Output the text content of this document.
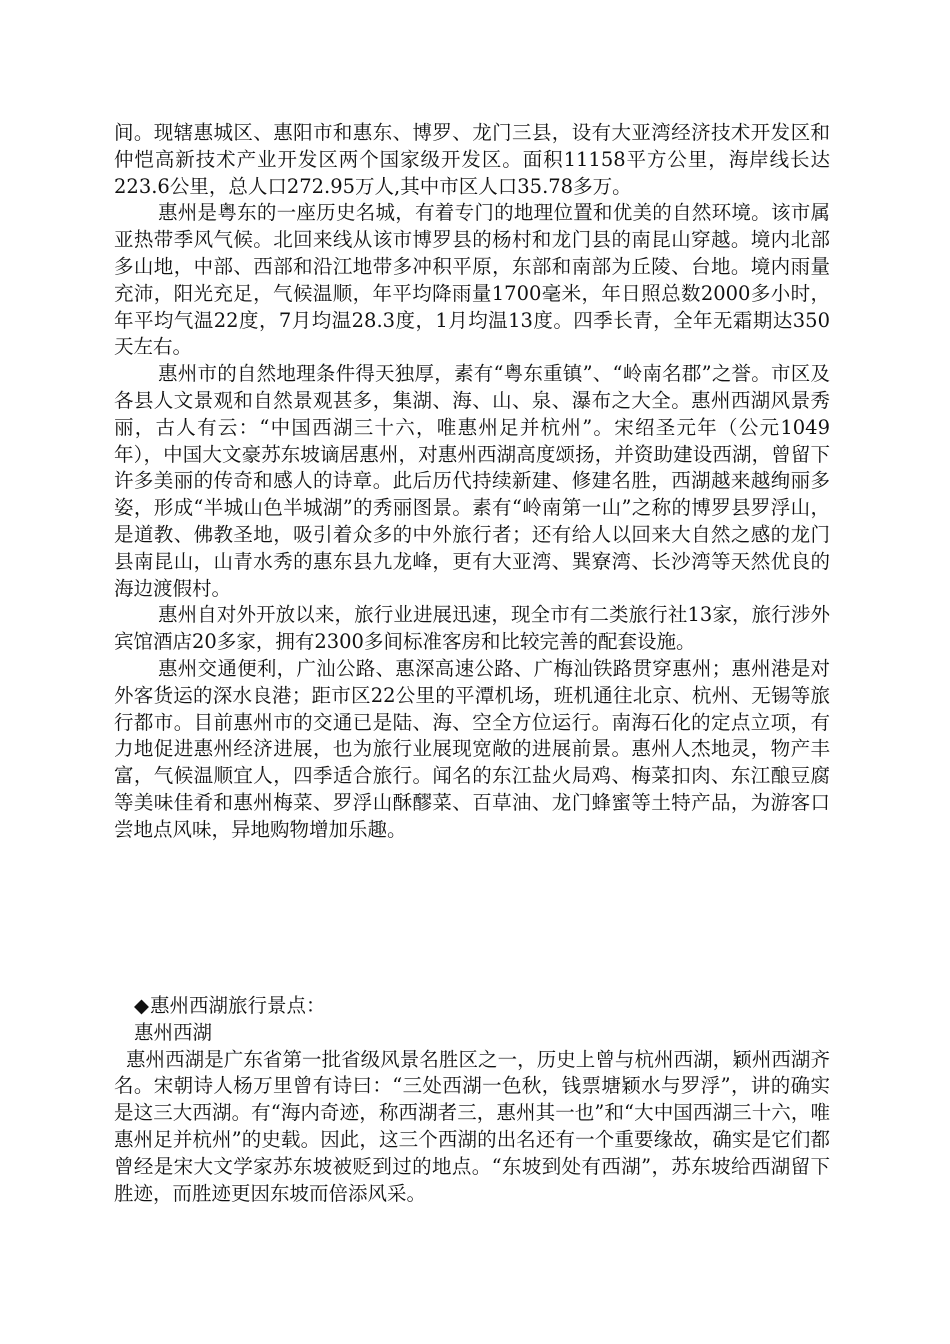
间。现辖惠城区、惠阳市和惠东、博罗、龙门三县，设有大亚湾经济技术开发区和仲恺高新技术产业开发区两个国家级开发区。面积11158平方公里，海岸线长达223.6公里，总人口272.95万人,其中市区人口35.78多万。

惠州是粤东的一座历史名城，有着专门的地理位置和优美的自然环境。该市属亚热带季风气候。北回来线从该市博罗县的杨村和龙门县的南昆山穿越。境内北部多山地，中部、西部和沿江地带多冲积平原，东部和南部为丘陵、台地。境内雨量充沛，阳光充足，气候温顺，年平均降雨量1700毫米，年日照总数2000多小时，年平均气温22度，7月均温28.3度，1月均温13度。四季长青，全年无霜期达350天左右。

惠州市的自然地理条件得天独厚，素有“粤东重镇”、“岭南名郡”之誉。市区及各县人文景观和自然景观甚多，集湖、海、山、泉、瀑布之大全。惠州西湖风景秀丽，古人有云：“中国西湖三十六，唯惠州足并杭州”。宋绍圣元年（公元1049年），中国大文豪苏东坡谪居惠州，对惠州西湖高度颂扬，并资助建设西湖，曾留下许多美丽的传奇和感人的诗章。此后历代持续新建、修建名胜，西湖越来越绚丽多姿，形成“半城山色半城湖”的秀丽图景。素有“岭南第一山”之称的博罗县罗浮山，是道教、佛教圣地，吸引着众多的中外旅行者；还有给人以回来大自然之感的龙门县南昆山，山青水秀的惠东县九龙峰，更有大亚湾、巽寮湾、长沙湾等天然优良的海边渡假村。

惠州自对外开放以来，旅行业进展迅速，现全市有二类旅行社13家，旅行涉外宾馆酒店20多家，拥有2300多间标准客房和比较完善的配套设施。

惠州交通便利，广汕公路、惠深高速公路、广梅汕铁路贯穿惠州；惠州港是对外客货运的深水良港；距市区22公里的平潭机场，班机通往北京、杭州、无锡等旅行都市。目前惠州市的交通已是陆、海、空全方位运行。南海石化的定点立项，有力地促进惠州经济进展，也为旅行业展现宽敞的进展前景。惠州人杰地灵，物产丰富，气候温顺宜人，四季适合旅行。闻名的东江盐火局鸡、梅菜扣肉、东江酿豆腐等美味佳肴和惠州梅菜、罗浮山酥醪菜、百草油、龙门蜂蜜等土特产品，为游客口尝地点风味，异地购物增加乐趣。

◆惠州西湖旅行景点：

惠州西湖

惠州西湖是广东省第一批省级风景名胜区之一，历史上曾与杭州西湖，颖州西湖齐名。宋朝诗人杨万里曾有诗曰：“三处西湖一色秋，钱票塘颖水与罗浮”，讲的确实是这三大西湖。有“海内奇迹，称西湖者三，惠州其一也”和“大中国西湖三十六，唯惠州足并杭州”的史载。因此，这三个西湖的出名还有一个重要缘故，确实是它们都曾经是宋大文学家苏东坡被贬到过的地点。“东坡到处有西湖”，苏东坡给西湖留下胜迹，而胜迹更因东坡而倍添风采。
